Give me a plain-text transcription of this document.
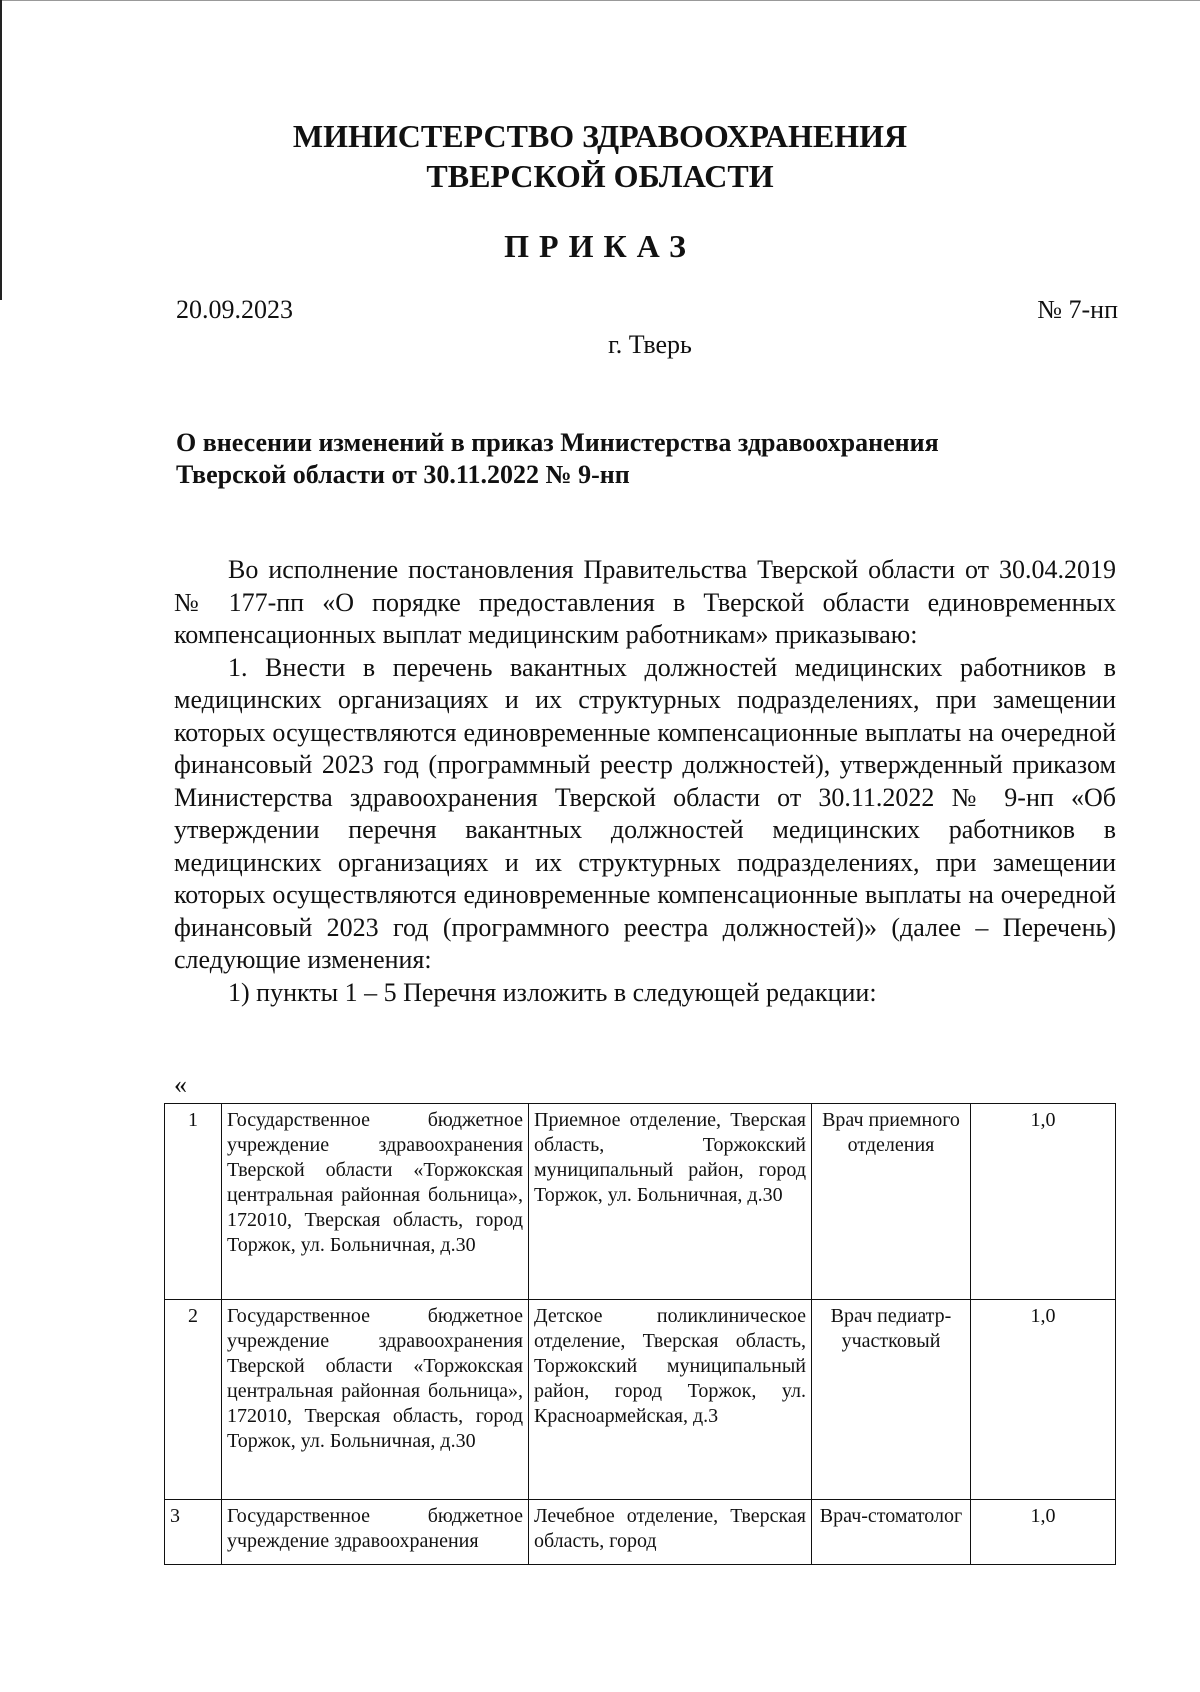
МИНИСТЕРСТВО ЗДРАВООХРАНЕНИЯ
ТВЕРСКОЙ ОБЛАСТИ
ПРИКАЗ
20.09.2023	№ 7-нп
г. Тверь
О внесении изменений в приказ Министерства здравоохранения
Тверской области от 30.11.2022 № 9-нп

Во исполнение постановления Правительства Тверской области от 30.04.2019 № 177-пп «О порядке предоставления в Тверской области единовременных компенсационных выплат медицинским работникам» приказываю:

1. Внести в перечень вакантных должностей медицинских работников в медицинских организациях и их структурных подразделениях, при замещении которых осуществляются единовременные компенсационные выплаты на очередной финансовый 2023 год (программный реестр должностей), утвержденный приказом Министерства здравоохранения Тверской области от 30.11.2022 № 9-нп «Об утверждении перечня вакантных должностей медицинских работников в медицинских организациях и их структурных подразделениях, при замещении которых осуществляются единовременные компенсационные выплаты на очередной финансовый 2023 год (программного реестра должностей)» (далее – Перечень) следующие изменения:

1) пункты 1 – 5 Перечня изложить в следующей редакции:

«
1	Государственное бюджетное учреждение здравоохранения Тверской области «Торжокская центральная районная больница», 172010, Тверская область, город Торжок, ул. Больничная, д.30	Приемное отделение, Тверская область, Торжокский муниципальный район, город Торжок, ул. Больничная, д.30	Врач приемного отделения	1,0
2	Государственное бюджетное учреждение здравоохранения Тверской области «Торжокская центральная районная больница», 172010, Тверская область, город Торжок, ул. Больничная, д.30	Детское поликлиническое отделение, Тверская область, Торжокский муниципальный район, город Торжок, ул. Красноармейская, д.3	Врач педиатр-участковый	1,0
3	Государственное бюджетное учреждение здравоохранения	Лечебное отделение, Тверская область, город	Врач-стоматолог	1,0
